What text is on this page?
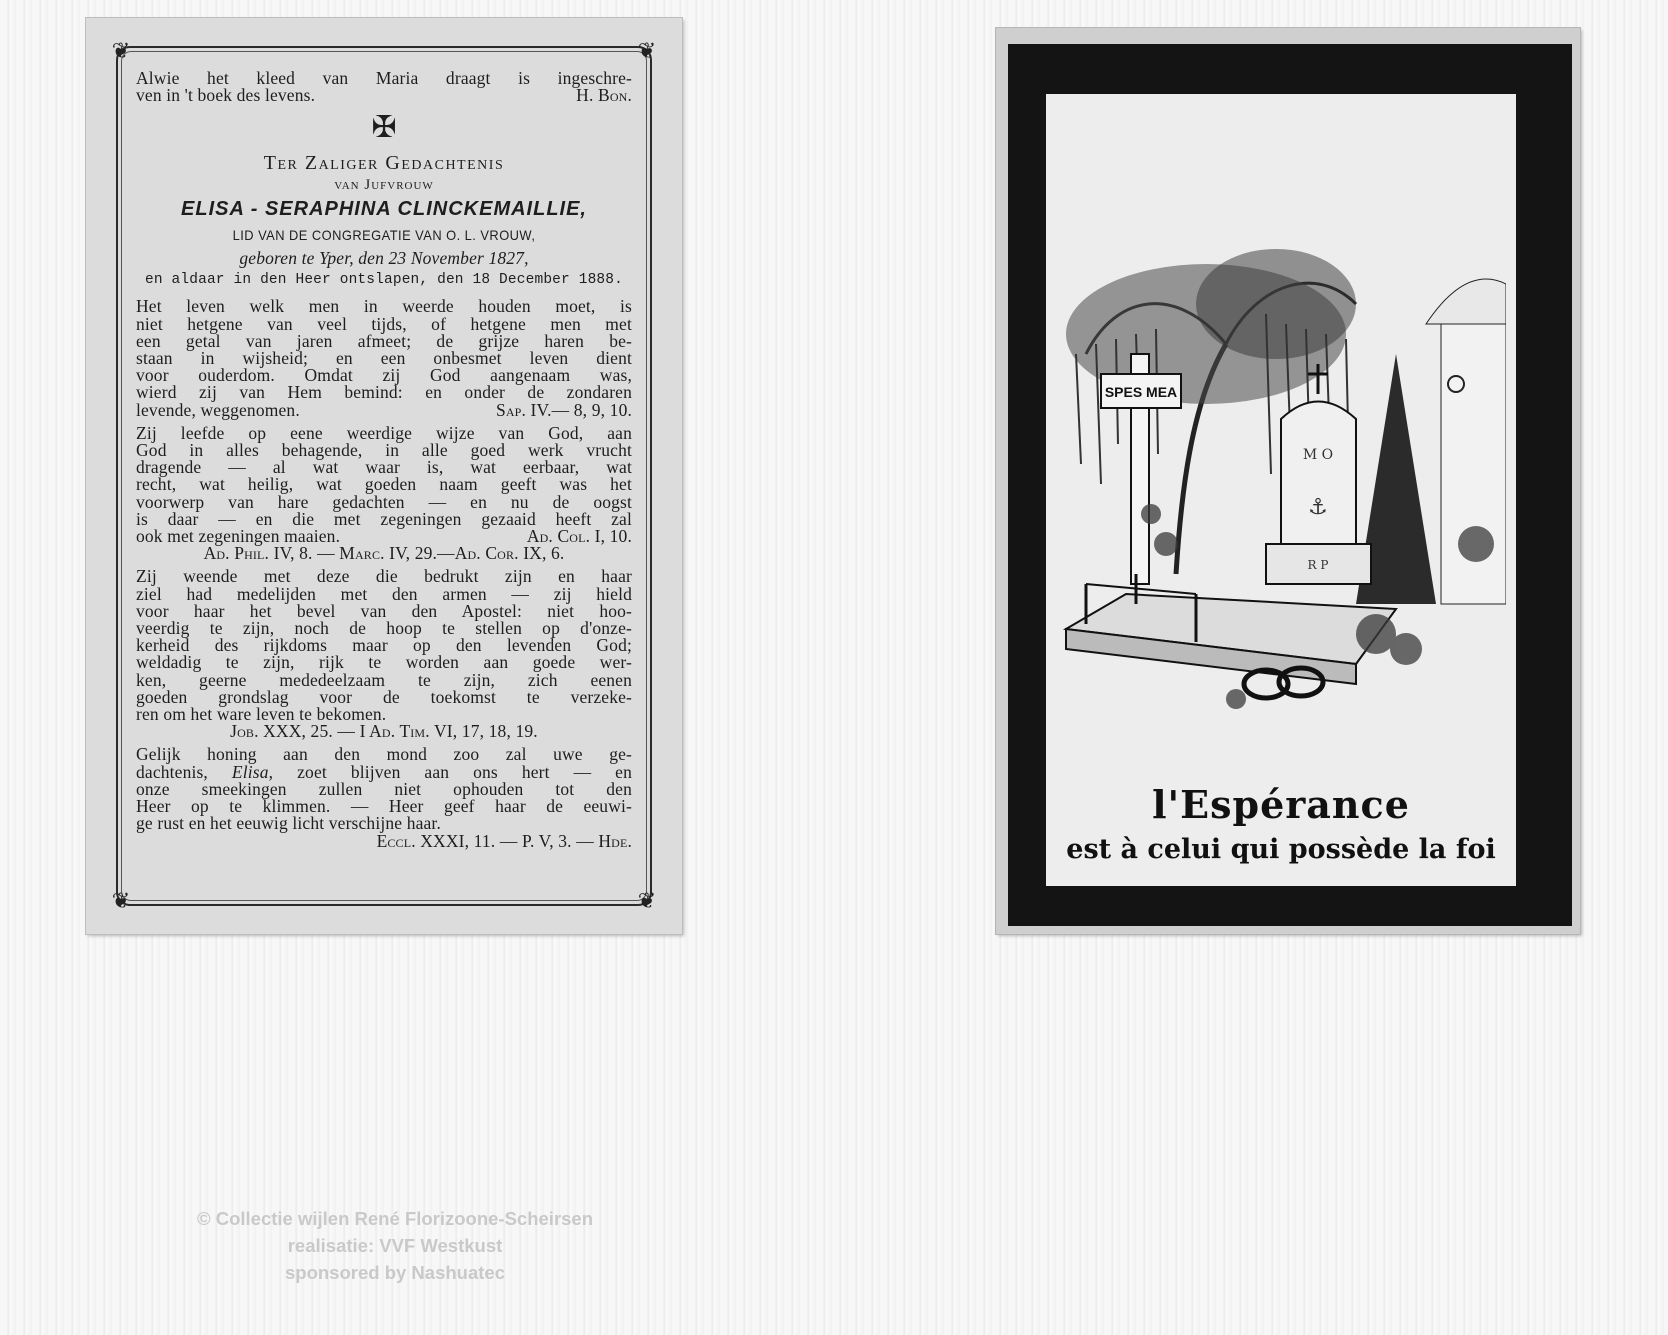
❦	❦
❦	❦

Alwie het kleed van Maria draagt is ingeschre-

ven in 't boek des levens.	H. Bon.
✠
Ter Zaliger Gedachtenis
van Jufvrouw
ELISA - SERAPHINA CLINCKEMAILLIE,
LID VAN DE CONGREGATIE VAN O. L. VROUW,
geboren te Yper, den 23 November 1827,
en aldaar in den Heer ontslapen, den 18 December 1888.

Het leven welk men in weerde houden moet, is

niet hetgene van veel tijds, of hetgene men met

een getal van jaren afmeet; de grijze haren be-

staan in wijsheid; en een onbesmet leven dient

voor ouderdom. Omdat zij God aangenaam was,

wierd zij van Hem bemind: en onder de zondaren

levende, weggenomen.	Sap. IV.— 8, 9, 10.

Zij leefde op eene weerdige wijze van God, aan

God in alles behagende, in alle goed werk vrucht

dragende — al wat waar is, wat eerbaar, wat

recht, wat heilig, wat goeden naam geeft was het

voorwerp van hare gedachten — en nu de oogst

is daar — en die met zegeningen gezaaid heeft zal

ook met zegeningen maaien.	Ad. Col. I, 10.

Ad. Phil. IV, 8. — Marc. IV, 29.—Ad. Cor. IX, 6.

Zij weende met deze die bedrukt zijn en haar

ziel had medelijden met den armen — zij hield

voor haar het bevel van den Apostel: niet hoo-

veerdig te zijn, noch de hoop te stellen op d'onze-

kerheid des rijkdoms maar op den levenden God;

weldadig te zijn, rijk te worden aan goede wer-

ken, geerne mededeelzaam te zijn, zich eenen

goeden grondslag voor de toekomst te verzeke-

ren om het ware leven te bekomen.

Job. XXX, 25. — I Ad. Tim. VI, 17, 18, 19.

Gelijk honing aan den mond zoo zal uwe ge-

dachtenis, Elisa, zoet blijven aan ons hert — en

onze smeekingen zullen niet ophouden tot den

Heer op te klimmen. — Heer geef haar de eeuwi-

ge rust en het eeuwig licht verschijne haar.

Eccl. XXXI, 11. — P. V, 3. — Hde.

SPES MEA
M O
⚓
R P
l'Espérance
est à celui qui possède la foi
© Collectie wijlen René Florizoone-Scheirsen
realisatie: VVF Westkust
sponsored by Nashuatec
